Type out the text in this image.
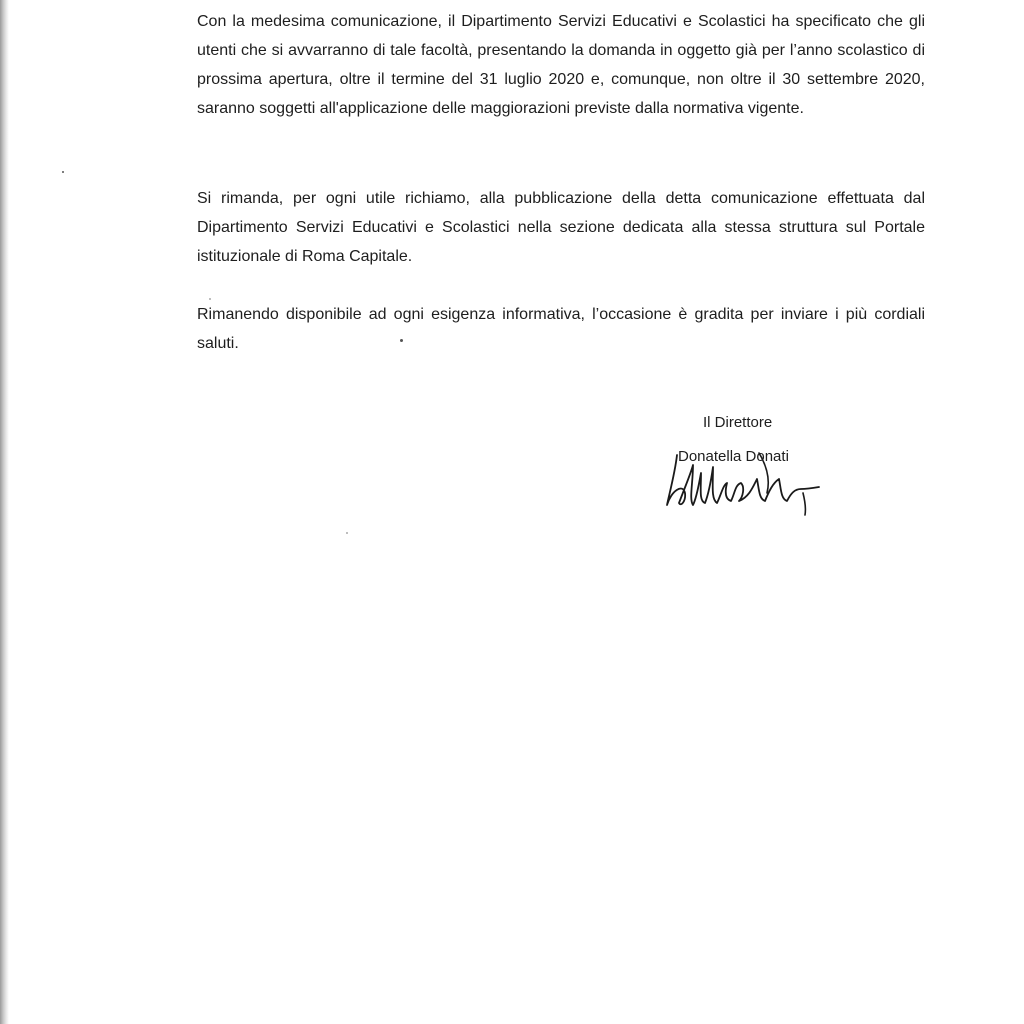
Con la medesima comunicazione, il Dipartimento Servizi Educativi e Scolastici ha specificato che gli utenti che si avvarranno di tale facoltà, presentando la domanda in oggetto già per l’anno scolastico di prossima apertura, oltre il termine del 31 luglio 2020 e, comunque, non oltre il 30 settembre 2020, saranno soggetti all'applicazione delle maggiorazioni previste dalla normativa vigente.

Si rimanda, per ogni utile richiamo, alla pubblicazione della detta comunicazione effettuata dal Dipartimento Servizi Educativi e Scolastici nella sezione dedicata alla stessa struttura sul Portale istituzionale di Roma Capitale.

Rimanendo disponibile ad ogni esigenza informativa, l’occasione è gradita per inviare i più cordiali saluti.

Il Direttore
Donatella Donati
